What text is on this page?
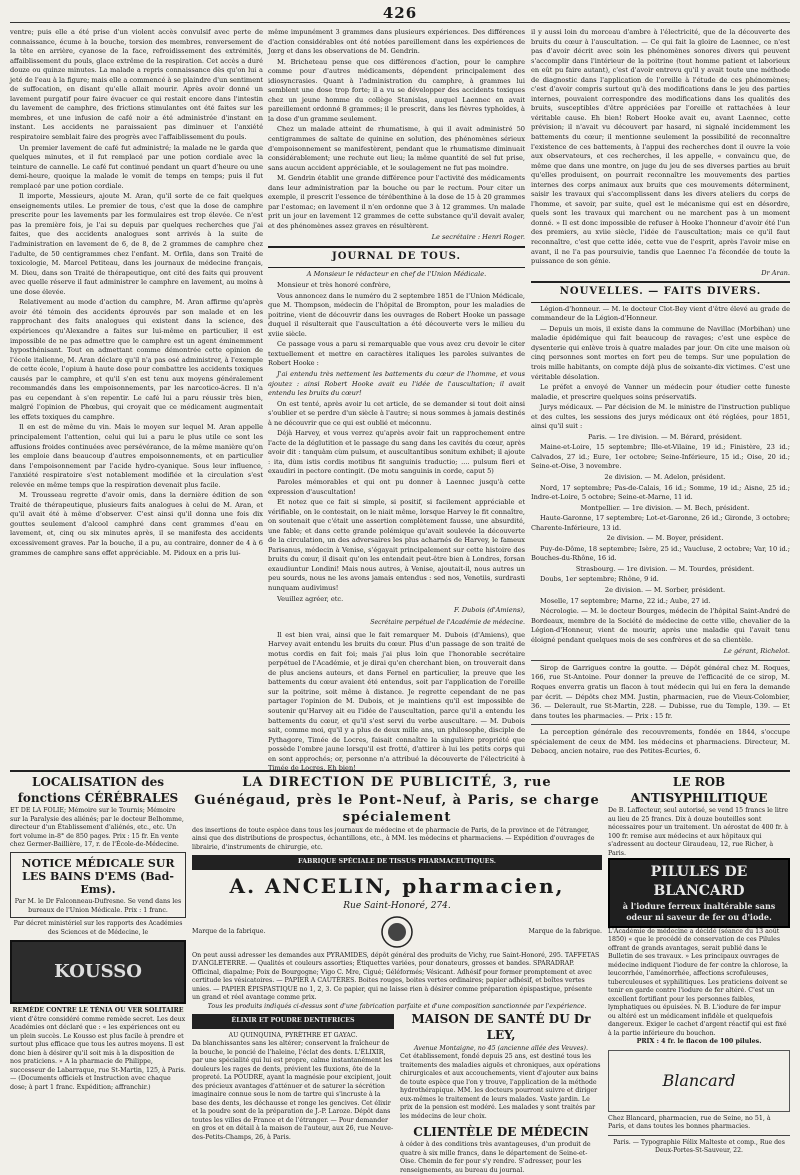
426

ventre; puis elle a été prise d'un violent accès convulsif avec perte de connaissance, écume à la bouche, torsion des membres, renversement de la tête en arrière, cyanose de la face, refroidissement des extrémités, affaiblissement du pouls, glace extrême de la respiration. Cet accès a duré douze ou quinze minutes. La malade a repris connaissance dès qu'on lui a jeté de l'eau à la figure; mais elle a commencé à se plaindre d'un sentiment de suffocation, en disant qu'elle allait mourir. Après avoir donné un lavement purgatif pour faire évacuer ce qui restait encore dans l'intestin du lavement de camphre, des frictions stimulantes ont été faites sur les membres, et une infusion de café noir a été administrée d'instant en instant. Les accidents ne paraissaient pas diminuer et l'anxiété respiratoire semblait faire des progrès avec l'affaiblissement du pouls.

Un premier lavement de café fut administré; la malade ne le garda que quelques minutes, et il fut remplacé par une potion cordiale avec la teinture de cannelle. Le café fut continué pendant un quart d'heure ou une demi-heure, quoique la malade le vomit de temps en temps; puis il fut remplacé par une potion cordiale.

Il importe, Messieurs, ajoute M. Aran, qu'il sorte de ce fait quelques enseignements utiles. Le premier de tous, c'est que la dose de camphre prescrite pour les lavements par les formulaires est trop élevée. Ce n'est pas la première fois, je l'ai su depuis par quelques recherches que j'ai faites, que des accidents analogues sont arrivés à la suite de l'administration en lavement de 6, de 8, de 2 grammes de camphre chez l'adulte, de 50 centigrammes chez l'enfant. M. Orfila, dans son Traité de toxicologie, M. Marcel Petiteau, dans les journaux de médecine français, M. Dieu, dans son Traité de thérapeutique, ont cité des faits qui prouvent avec quelle réserve il faut administrer le camphre en lavement, au moins à une dose élevée.

Relativement au mode d'action du camphre, M. Aran affirme qu'après avoir été témoin des accidents éprouvés par son malade et en les rapprochant des faits analogues qui existent dans la science, des expériences qu'Alexandre a faites sur lui-même en particulier, il est impossible de ne pas admettre que le camphre est un agent éminemment hyposthénisant. Tout en admettant comme démontrée cette opinion de l'école italienne, M. Aran déclare qu'il n'a pas osé administrer, à l'exemple de cette école, l'opium à haute dose pour combattre les accidents toxiques causés par le camphre, et qu'il s'en est tenu aux moyens généralement recommandés dans les empoisonnements, par les narcotico-âcres. Il n'a pas eu cependant à s'en repentir. Le café lui a paru réussir très bien, malgré l'opinion de Phœbus, qui croyait que ce médicament augmentait les effets toxiques du camphre.

Il en est de même du vin. Mais le moyen sur lequel M. Aran appelle principalement l'attention, celui qui lui a paru le plus utile ce sont les affusions froides continuées avec persévérance, de la même manière qu'on les emploie dans beaucoup d'autres empoisonnements, et en particulier dans l'empoisonnement par l'acide hydro-cyanique. Sous leur influence, l'anxiété respiratoire s'est notablement modifiée et la circulation s'est relevée en même temps que la respiration devenait plus facile.

M. Trousseau regrette d'avoir omis, dans la dernière édition de son Traité de thérapeutique, plusieurs faits analogues à celui de M. Aran, et qu'il avait été à même d'observer. C'est ainsi qu'il donna une fois dix gouttes seulement d'alcool camphré dans cent grammes d'eau en lavement, et, cinq ou six minutes après, il se manifesta des accidents excessivement graves. Par la bouche, il a pu, au contraire, donner de 4 à 6 grammes de camphre sans effet appréciable. M. Pidoux en a pris lui-

même impunément 3 grammes dans plusieurs expériences. Des différences d'action considérables ont été notées pareillement dans les expériences de Jœrg et dans les observations de M. Gendrin.

M. Bricheteau pense que ces différences d'action, pour le camphre comme pour d'autres médicaments, dépendent principalement des idiosyncrasies. Quant à l'administration du camphre, à grammes lui semblent une dose trop forte; il a vu se développer des accidents toxiques chez un jeune homme du collège Stanislas, auquel Laennec en avait pareillement ordonné 8 grammes; il le prescrit, dans les fièvres typhoïdes, à la dose d'un gramme seulement.

Chez un malade atteint de rhumatisme, à qui il avait administré 50 centigrammes de saltate de quinine en solution, des phénomènes sérieux d'empoisonnement se manifestèrent, pendant que le rhumatisme diminuait considérablement; une rechute eut lieu; la même quantité de sel fut prise, sans aucun accident appréciable, et le soulagement ne fut pas moindre.

M. Gendrin établit une grande différence pour l'activité des médicaments dans leur administration par la bouche ou par le rectum. Pour citer un exemple, il prescrit l'essence de térébenthine à la dose de 15 à 20 grammes par l'estomac; en lavement il n'en ordonne que 3 à 12 grammes. Un malade prit un jour en lavement 12 grammes de cette substance qu'il devait avaler, et des phénomènes assez graves en résultèrent.

Le secrétaire : Henri Roger.
JOURNAL DE TOUS.
A Monsieur le rédacteur en chef de l'Union Médicale.

Monsieur et très honoré confrère,

Vous annoncez dans le numéro du 2 septembre 1851 de l'Union Médicale, que M. Thompson, médecin de l'hôpital de Brompton, pour les maladies de poitrine, vient de découvrir dans les ouvrages de Robert Hooke un passage duquel il résulterait que l'auscultation a été découverte vers le milieu du xviie siècle.

Ce passage vous a paru si remarquable que vous avez cru devoir le citer textuellement et mettre en caractères italiques les paroles suivantes de Robert Hooke :

J'ai entendu très nettement les battements du cœur de l'homme, et vous ajoutez : ainsi Robert Hooke avait eu l'idée de l'auscultation; il avait entendu les bruits du cœur!

On est tenté, après avoir lu cet article, de se demander si tout doit ainsi s'oublier et se perdre d'un siècle à l'autre; si nous sommes à jamais destinés à ne découvrir que ce qui est oublié et méconnu.

Déjà Harvey, et vous verrez qu'après avoir fait un rapprochement entre l'acte de la déglutition et le passage du sang dans les cavités du cœur, après avoir dit : tanquàm cùm pulsum, et auscultantibus sonitum exhibet; il ajoute : ita, dùm istis cordis motibus fit sanguinis traductio; .... pulsum fieri et exaudiri in pectore contingit. (De motu sanguinis in corde, caput 5)

Paroles mémorables et qui ont pu donner à Laennec jusqu'à cette expression d'auscultation!

Et notez que ce fait si simple, si positif, si facilement appréciable et vérifiable, on le contestait, on le niait même, lorsque Harvey le fit connaître, on soutenait que c'était une assertion complètement fausse, une absurdité, une fable; et dans cette grande polémique qu'avait soulevée la découverte de la circulation, un des adversaires les plus acharnés de Harvey, le fameux Parisanus, médecin à Venise, s'égayait principalement sur cette histoire des bruits du cœur, il disait qu'on les entendait peut-être bien à Londres, forsan exaudiuntur Londini! Mais nous autres, à Venise, ajoutait-il, nous autres un peu sourds, nous ne les avons jamais entendus : sed nos, Venetiis, surdrasti nunquam audivimus!

Veuillez agréer, etc.

F. Dubois (d'Amiens),
Secrétaire perpétuel de l'Académie de médecine.

Il est bien vrai, ainsi que le fait remarquer M. Dubois (d'Amiens), que Harvey avait entendu les bruits du cœur. Plus d'un passage de son traité de motus cordis en fait foi; mais j'ai plus loin que l'honorable secrétaire perpétuel de l'Académie, et je dirai qu'en cherchant bien, on trouverait dans de plus anciens auteurs, et dans Fernel en particulier, la preuve que les battements du cœur avaient été entendus, soit par l'application de l'oreille sur la poitrine, soit même à distance. Je regrette cependant de ne pas partager l'opinion de M. Dubois, et je maintiens qu'il est impossible de soutenir qu'Harvey ait eu l'idée de l'auscultation, parce qu'il a entendu les battements du cœur, et qu'il s'est servi du verbe auscultare. — M. Dubois sait, comme moi, qu'il y a plus de deux mille ans, un philosophe, disciple de Pythagore, Timée de Locres, faisait connaître la singulière propriété que possède l'ombre jaune lorsqu'il est frotté, d'attirer à lui les petits corps qui en sont approchés; or, personne n'a attribué la découverte de l'électricité à Timée de Locres. Eh bien!

il y aussi loin du morceau d'ambre à l'électricité, que de la découverte des bruits du cœur à l'auscultation. — Ce qui fait la gloire de Laennec, ce n'est pas d'avoir décrit avec soin les phénomènes sonores divers qui peuvent s'accomplir dans l'intérieur de la poitrine (tout homme patient et laborieux en eût pu faire autant), c'est d'avoir entrevu qu'il y avait toute une méthode de diagnostic dans l'application de l'oreille à l'étude de ces phénomènes; c'est d'avoir compris surtout qu'à des modifications dans le jeu des parties internes, pouvaient correspondre des modifications dans les qualités des bruits, susceptibles d'être appréciées par l'oreille et rattachées à leur véritable cause. Eh bien! Robert Hooke avait eu, avant Laennec, cette prévision; il n'avait vu découvert par hasard, ni signalé incidemment les battements du cœur; il mentionne seulement la possibilité de reconnaître l'existence de ces battements, à l'appui des recherches dont il ouvre la voie aux observateurs, et ces recherches, il les appelle, « convaincu que, de même que dans une montre, on juge du jeu de ses diverses parties au bruit qu'elles produisent, on pourrait reconnaître les mouvements des parties internes des corps animaux aux bruits que ces mouvements déterminent, saisir les travaux qui s'accomplissent dans les divers ateliers du corps de l'homme, et savoir, par suite, quel est le mécanisme qui est en désordre, quels sont les travaux qui marchent ou ne marchent pas à un moment donné. » Il est donc impossible de refuser à Hooke l'honneur d'avoir été l'un des premiers, au xviie siècle, l'idée de l'auscultation; mais ce qu'il faut reconnaître, c'est que cette idée, cette vue de l'esprit, après l'avoir mise en avant, il ne l'a pas poursuivie, tandis que Laennec l'a fécondée de toute la puissance de son génie.

Dr Aran.
NOUVELLES. — FAITS DIVERS.

Légion-d'honneur. — M. le docteur Clot-Bey vient d'être élevé au grade de commandeur de la Légion-d'Honneur.

— Depuis un mois, il existe dans la commune de Navillac (Morbihan) une maladie épidémique qui fait beaucoup de ravages; c'est une espèce de dysenterie qui enlève trois à quatre malades par jour. On cite une maison où cinq personnes sont mortes en fort peu de temps. Sur une population de trois mille habitants, on compte déjà plus de soixante-dix victimes. C'est une véritable désolation.

Le préfet a envoyé de Vanner un médecin pour étudier cette funeste maladie, et prescrire quelques soins préservatifs.

Jurys médicaux. — Par décision de M. le ministre de l'instruction publique et des cultes, les sessions des jurys médicaux ont été réglées, pour 1851, ainsi qu'il suit :

Paris. — 1re division. — M. Bérard, président.

Maine-et-Loire, 15 septembre; Ille-et-Vilaine, 19 id.; Finistère, 23 id.; Calvados, 27 id.; Eure, 1er octobre; Seine-Inférieure, 15 id.; Oise, 20 id.; Seine-et-Oise, 3 novembre.

2e division. — M. Adelon, président.

Nord, 17 septembre; Pas-de-Calais, 16 id.; Somme, 19 id.; Aisne, 25 id.; Indre-et-Loire, 5 octobre; Seine-et-Marne, 11 id.

Montpellier. — 1re division. — M. Bech, président.

Haute-Garonne, 17 septembre; Lot-et-Garonne, 26 id.; Gironde, 3 octobre; Charente-Inférieure, 13 id.

2e division. — M. Boyer, président.

Puy-de-Dôme, 18 septembre; Isère, 25 id.; Vaucluse, 2 octobre; Var, 10 id.; Bouches-du-Rhône, 16 id.

Strasbourg. — 1re division. — M. Tourdes, président.

Doubs, 1er septembre; Rhône, 9 id.

2e division. — M. Sorber, président.

Moselle, 17 septembre; Marne, 22 id.; Aube, 27 id.

Nécrologie. — M. le docteur Bourges, médecin de l'hôpital Saint-André de Bordeaux, membre de la Société de médecine de cette ville, chevalier de la Légion-d'Honneur, vient de mourir, après une maladie qui l'avait tenu éloigné pendant quelques mois de ses confrères et de sa clientèle.

Le gérant, Richelot.

Sirop de Garrigues contre la goutte. — Dépôt général chez M. Roques, 166, rue St-Antoine. Pour donner la preuve de l'efficacité de ce sirop, M. Roques enverra gratis un flacon à tout médecin qui lui en fera la demande par écrit. — Dépôts chez MM. Justin, pharmacien, rue de Vieux-Colombier, 36. — Delerault, rue St-Martin, 228. — Dubisse, rue du Temple, 139. — Et dans toutes les pharmacies. — Prix : 15 fr.

La perception générale des recouvrements, fondée en 1844, s'occupe spécialement de ceux de MM. les médecins et pharmaciens. Directeur, M. Debacq, ancien notaire, rue des Petites-Écuries, 6.

LOCALISATION des fonctions CÉRÉBRALES
ET DE LA FOLIE; Mémoire sur le Tournis; Mémoire sur la Paralysie des aliénés; par le docteur Belhomme, directeur d'un Établissement d'aliénés, etc., etc. Un fort volume in-8° de 850 pages. Prix : 15 fr. En vente chez Germer-Baillière, 17, r. de l'École-de-Médecine.
NOTICE MÉDICALE SUR LES BAINS D'EMS (Bad-Ems).
Par M. le Dr Falconneau-Dufresne. Se vend dans les bureaux de l'Union Médicale. Prix : 1 franc.
Par décret ministériel sur les rapports des Académies des Sciences et de Médecine, le
KOUSSO
REMÈDE CONTRE LE TÉNIA OU VER SOLITAIRE
vient d'être considéré comme remède secret. Les deux Académies ont déclaré que : « les expériences ont eu un plein succès. Le Kousso est plus facile à prendre et surtout plus efficace que tous les autres moyens. Il est donc bien à désirer qu'il soit mis à la disposition de nos praticiens. » A la pharmacie de Philippe, successeur de Labarraque, rue St-Martin, 125, à Paris. — (Documents officiels et Instruction avec chaque dose; à part 1 franc. Expédition; affranchir.)
LA DIRECTION DE PUBLICITÉ, 3, rue Guénégaud, près le Pont-Neuf, à Paris, se charge spécialement
des insertions de toute espèce dans tous les journaux de médecine et de pharmacie de Paris, de la province et de l'étranger, ainsi que des distributions de prospectus, échantillons, etc., à MM. les médecins et pharmaciens. — Expédition d'ouvrages de librairie, d'instruments de chirurgie, etc.
FABRIQUE SPÉCIALE DE TISSUS PHARMACEUTIQUES.
A. ANCELIN, pharmacien,
Rue Saint-Honoré, 274.
Marque de la fabrique.	Marque de la fabrique.
On peut aussi adresser les demandes aux PYRAMIDES, dépôt général des produits de Vichy, rue Saint-Honoré, 295. TAFFETAS D'ANGLETERRE. — Qualités et couleurs assorties; Étiquettes variées, pour donateurs, grosses et bandes. SPARADRAP. Officinal, diapalme; Poix de Bourgogne; Vigo C. Mre, Cigué; Géléformés; Vésicant. Adhésif pour former promptement et avec certitude les vésicatoires. — PAPIER A CAUTÈRES. Boites rouges, boites vertes ordinaires; papier adhésif, et boîtes vertes unies. — PAPIER ÉPISPASTIQUE no 1, 2, 3. Ce papier, qui ne laisse rien à désirer comme préparation épispastique, présente un grand et réel avantage comme prix.
Tous les produits indiqués ci-dessus sont d'une fabrication parfaite et d'une composition sanctionnée par l'expérience.
ÉLIXIR ET POUDRE DENTIFRICES
AU QUINQUINA, PYRÈTHRE ET GAYAC.
Da blanchissantes sans les altérer; conservent la fraîcheur de la bouche, le poncié de l'haleine, l'éclat des dents. L'ÉLIXIR, par une spécialité qui lui est propre, calme instantanément les douleurs les rages de dents, prévient les fluxions, ôte de la propreté. La POUDRE, ayant la magnésie pour excipient, jouit des précieux avantages d'atténuer et de saturer la sécrétion imaginaire connue sous le nom de tartre qui s'incruste à la base des dents, les déchausse et ronge les gencives. Cet élixir et la poudre sont de la préparation de J.-P. Laroze. Dépôt dans toutes les villes de France et de l'étranger. — Pour demander en gros et en détail à la maison de l'auteur, aux 26, rue Neuve-des-Petits-Champs, 26, à Paris.
MAISON DE SANTÉ DU Dr LEY,
Avenue Montaigne, no 45 (ancienne allée des Veuves).
Cet établissement, fondé depuis 25 ans, est destiné tous les traitements des maladies aiguës et chroniques, aux opérations chirurgicales et aux accouchements, vient d'ajouter aux bains de toute espèce que l'on y trouve, l'application de la méthode hydrothérapique. MM. les docteurs pourront suivre et diriger eux-mêmes le traitement de leurs malades. Vaste jardin. Le prix de la pension est modéré. Les malades y sont traités par les médecins de leur choix.
CLIENTÈLE DE MÉDECIN
à céder à des conditions très avantageuses, d'un produit de quatre à six mille francs, dans le département de Seine-et-Oise. Chemin de fer pour s'y rendre. S'adresser, pour les renseignements, au bureau du journal.
LE ROB ANTISYPHILITIQUE
De B. Laffecteur, seul autorisé, se vend 15 francs le litre au lieu de 25 francs. Dix à douze bouteilles sont nécessaires pour un traitement. Un aérostat de 400 fr. à 100 fr. remise aux médecins et aux hôpitaux qui s'adressent au docteur Giraudeau, 12, rue Richer, à Paris.
PILULES DE BLANCARD
à l'iodure ferreux inaltérable sans odeur ni saveur de fer ou d'iode.
L'Académie de médecine a décidé (séance du 13 août 1850) « que le procédé de conservation de ces Pilules offrant de grands avantages, serait publié dans le Bulletin de ses travaux. » Les principaux ouvrages de médecine indiquent l'iodure de fer contre la chlorose, la leucorrhée, l'aménorrhée, affections scrofuleuses, tuberculeuses et syphilitiques. Les praticiens doivent se tenir en garde contre l'iodure de fer altéré. C'est un excellent fortifiant pour les personnes faibles, lymphatiques ou épuisées. N. B. L'iodure de fer impur ou altéré est un médicament infidèle et quelquefois dangereux. Exiger le cachet d'argent réactif qui est fixé à la partie inférieure du bouchon.
PRIX : 4 fr. le flacon de 100 pilules.
Blancard
Chez Blancard, pharmacien, rue de Seine, no 51, à Paris, et dans toutes les bonnes pharmacies.
Paris. — Typographie Félix Malteste et comp., Rue des Deux-Portes-St-Sauveur, 22.
